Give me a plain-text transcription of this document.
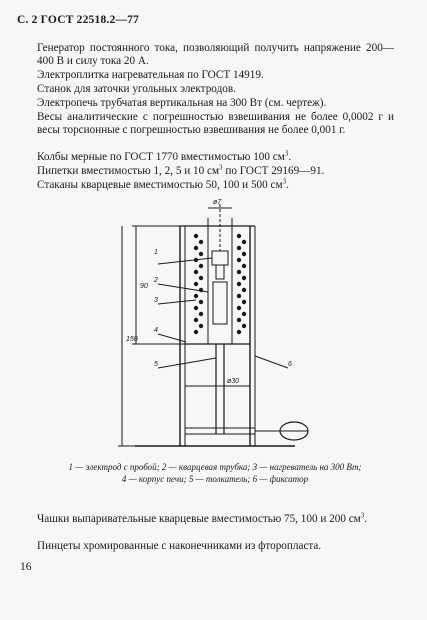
С. 2 ГОСТ 22518.2—77
Генератор постоянного тока, позволяющий получить напряжение 200—400 В и силу тока 20 А.
Электроплитка нагревательная по ГОСТ 14919.
Станок для заточки угольных электродов.
Электропечь трубчатая вертикальная на 300 Вт (см. чертеж).
Весы аналитические с погрешностью взвешивания не более 0,0002 г и весы торсионные с погрешностью взвешивания не более 0,001 г.
Колбы мерные по ГОСТ 1770 вместимостью 100 $см^3$.
Пипетки вместимостью 1, 2, 5 и 10 $см^3$ по ГОСТ 29169—91.
Стаканы кварцевые вместимостью 50, 100 и 500 $см^3$.
ø7
90
150
ø30
1
2
3
4
5	6
1 — электрод с пробой; 2 — кварцевая трубка; 3 — нагреватель на 300 Вт;
4 — корпус печи; 5 — толкатель; 6 — фиксатор
Чашки выпаривательные кварцевые вместимостью 75, 100 и 200 $см^3$.
Пинцеты хромированные с наконечниками из фторопласта.
16
